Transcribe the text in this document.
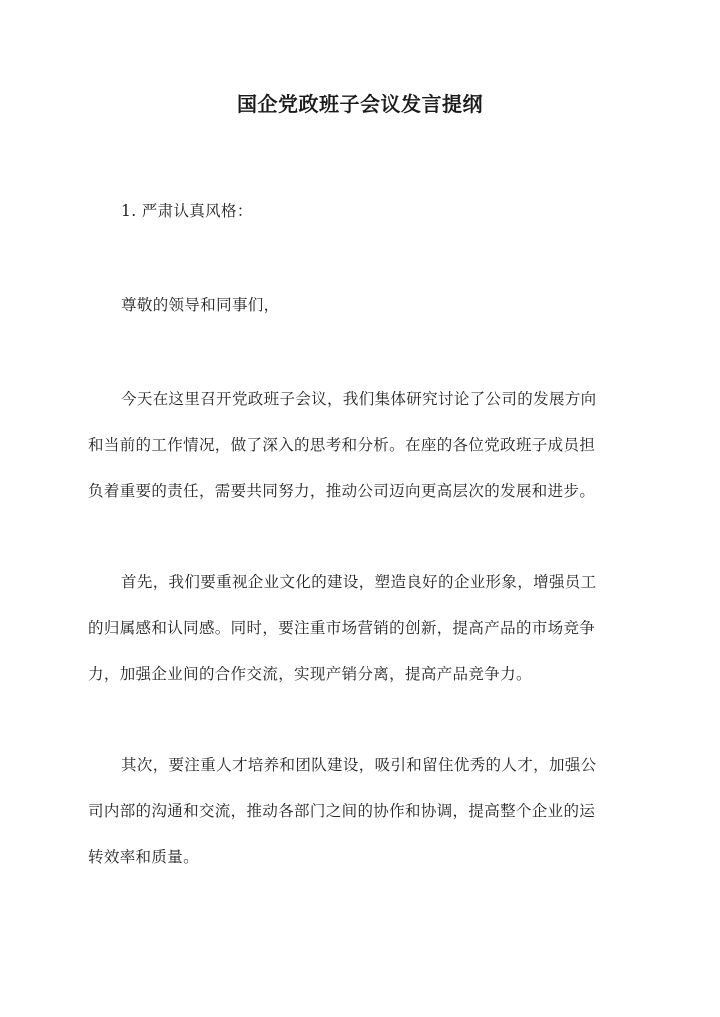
国企党政班子会议发言提纲
1. 严肃认真风格：
尊敬的领导和同事们，
今天在这里召开党政班子会议，我们集体研究讨论了公司的发展方向
和当前的工作情况，做了深入的思考和分析。在座的各位党政班子成员担
负着重要的责任，需要共同努力，推动公司迈向更高层次的发展和进步。
首先，我们要重视企业文化的建设，塑造良好的企业形象，增强员工
的归属感和认同感。同时，要注重市场营销的创新，提高产品的市场竞争
力，加强企业间的合作交流，实现产销分离，提高产品竞争力。
其次，要注重人才培养和团队建设，吸引和留住优秀的人才，加强公
司内部的沟通和交流，推动各部门之间的协作和协调，提高整个企业的运
转效率和质量。
